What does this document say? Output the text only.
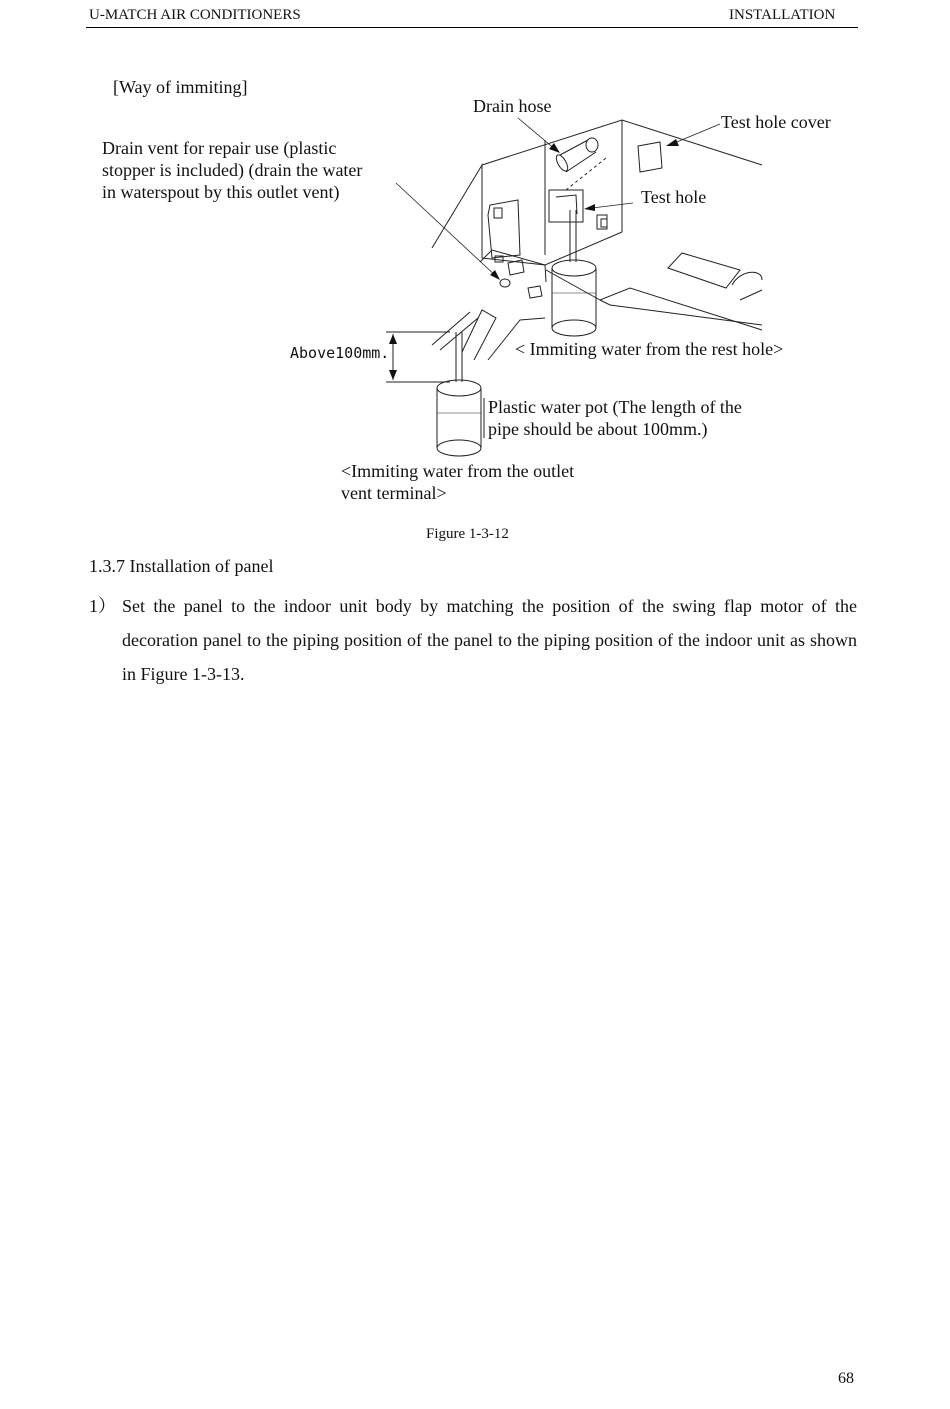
U-MATCH AIR CONDITIONERS	INSTALLATION
[Way of immiting]
Drain hose
Test hole cover
Drain vent for repair use (plastic
stopper is included) (drain the water
in waterspout by this outlet vent)	Test hole
Above100mm.	< Immiting water from the rest hole>
Plastic water pot (The length of the
pipe should be about 100mm.)
<Immiting water from the outlet
vent terminal>
Figure 1-3-12
1.3.7 Installation of panel
1） Set the panel to the indoor unit body by matching the position of the swing flap motor of the decoration panel to the piping position of the panel to the piping position of the indoor unit as shown in Figure 1-3-13.
68
